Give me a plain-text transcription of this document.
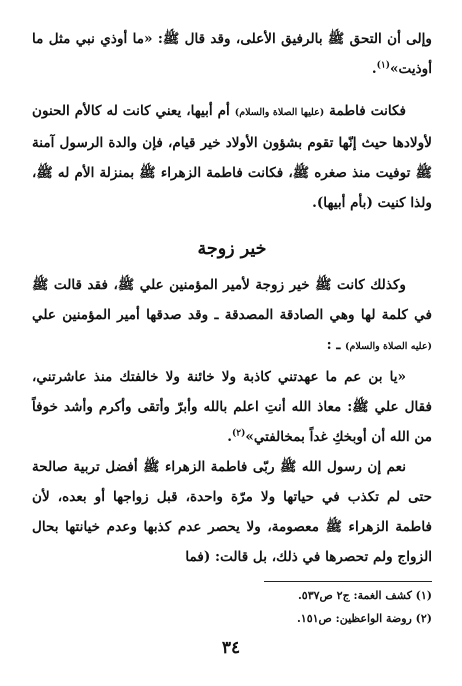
وإلى أن التحق ﷺ بالرفيق الأعلى، وقد قال ﷺ: «ما أوذي نبي مثل ما أوذيت»$^{(١)}$.

فكانت فاطمة (عليها الصلاة والسلام) أم أبيها، يعني كانت له كالأم الحنون لأولادها حيث إنّها تقوم بشؤون الأولاد خير قيام، فإن والدة الرسول آمنة ﷺ توفيت منذ صغره ﷺ، فكانت فاطمة الزهراء ﷺ بمنزلة الأم له ﷺ، ولذا كنيت (بأم أبيها).

خير زوجة

وكذلك كانت ﷺ خير زوجة لأمير المؤمنين علي ﷺ، فقد قالت ﷺ في كلمة لها وهي الصادقة المصدقة ـ وقد صدقها أمير المؤمنين علي (عليه الصلاة والسلام) ـ :

«يا بن عم ما عهدتني كاذبة ولا خائنة ولا خالفتك منذ عاشرتني، فقال علي ﷺ: معاذ الله أنتِ اعلم بالله وأبرّ وأتقى وأكرم وأشد خوفاً من الله أن أوبخكِ غداً بمخالفتي»$^{(٢)}$.

نعم إن رسول الله ﷺ ربّى فاطمة الزهراء ﷺ أفضل تربية صالحة حتى لم تكذب في حياتها ولا مرّة واحدة، قبل زواجها أو بعده، لأن فاطمة الزهراء ﷺ معصومة، ولا يحصر عدم كذبها وعدم خيانتها بحال الزواج ولم تحصرها في ذلك، بل قالت: (فما

(١) كشف الغمة: ج٢ ص٥٣٧.

(٢) روضة الواعظين: ص١٥١.

٣٤
